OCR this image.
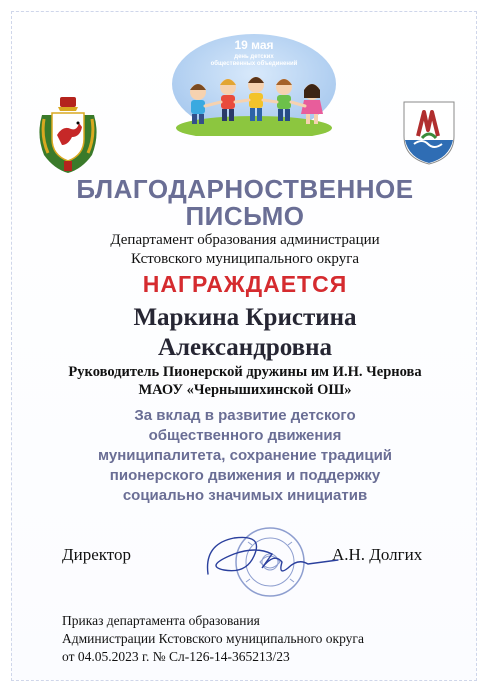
19 мая
день детских
общественных объединений
БЛАГОДАРНОСТВЕННОЕ
ПИСЬМО
Департамент образования администрации
Кстовского муниципального округа
НАГРАЖДАЕТСЯ
Маркина Кристина
Александровна
Руководитель Пионерской дружины им И.Н. Чернова
МАОУ «Чернышихинской ОШ»
За вклад в развитие детского
общественного движения
муниципалитета, сохранение традиций
пионерского движения и поддержку
социально значимых инициатив
Директор	А.Н. Долгих
Приказ департамента образования
Администрации Кстовского муниципального округа
от 04.05.2023 г. № Сл-126-14-365213/23
